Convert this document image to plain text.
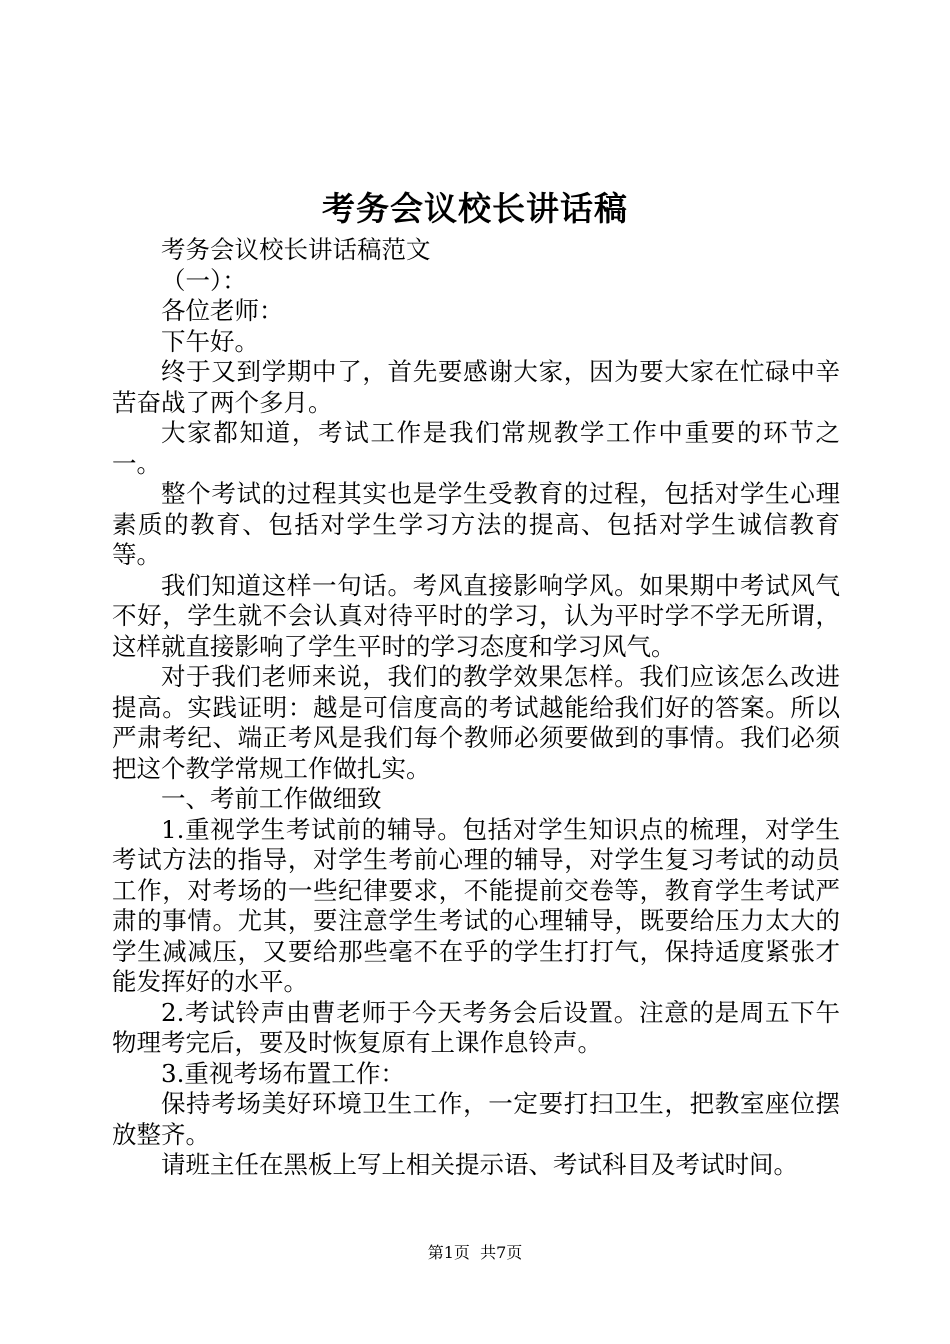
考务会议校长讲话稿

考务会议校长讲话稿范文

（一）：

各位老师：

下午好。

终于又到学期中了，首先要感谢大家，因为要大家在忙碌中辛苦奋战了两个多月。

大家都知道，考试工作是我们常规教学工作中重要的环节之一。

整个考试的过程其实也是学生受教育的过程，包括对学生心理素质的教育、包括对学生学习方法的提高、包括对学生诚信教育等。

我们知道这样一句话。考风直接影响学风。如果期中考试风气不好，学生就不会认真对待平时的学习，认为平时学不学无所谓，这样就直接影响了学生平时的学习态度和学习风气。

对于我们老师来说，我们的教学效果怎样。我们应该怎么改进提高。实践证明：越是可信度高的考试越能给我们好的答案。所以严肃考纪、端正考风是我们每个教师必须要做到的事情。我们必须把这个教学常规工作做扎实。

一、考前工作做细致

1.重视学生考试前的辅导。包括对学生知识点的梳理，对学生考试方法的指导，对学生考前心理的辅导，对学生复习考试的动员工作，对考场的一些纪律要求，不能提前交卷等，教育学生考试严肃的事情。尤其，要注意学生考试的心理辅导，既要给压力太大的学生减减压，又要给那些毫不在乎的学生打打气，保持适度紧张才能发挥好的水平。

2.考试铃声由曹老师于今天考务会后设置。注意的是周五下午物理考完后，要及时恢复原有上课作息铃声。

3.重视考场布置工作：

保持考场美好环境卫生工作，一定要打扫卫生，把教室座位摆放整齐。

请班主任在黑板上写上相关提示语、考试科目及考试时间。

第1页  共7页
